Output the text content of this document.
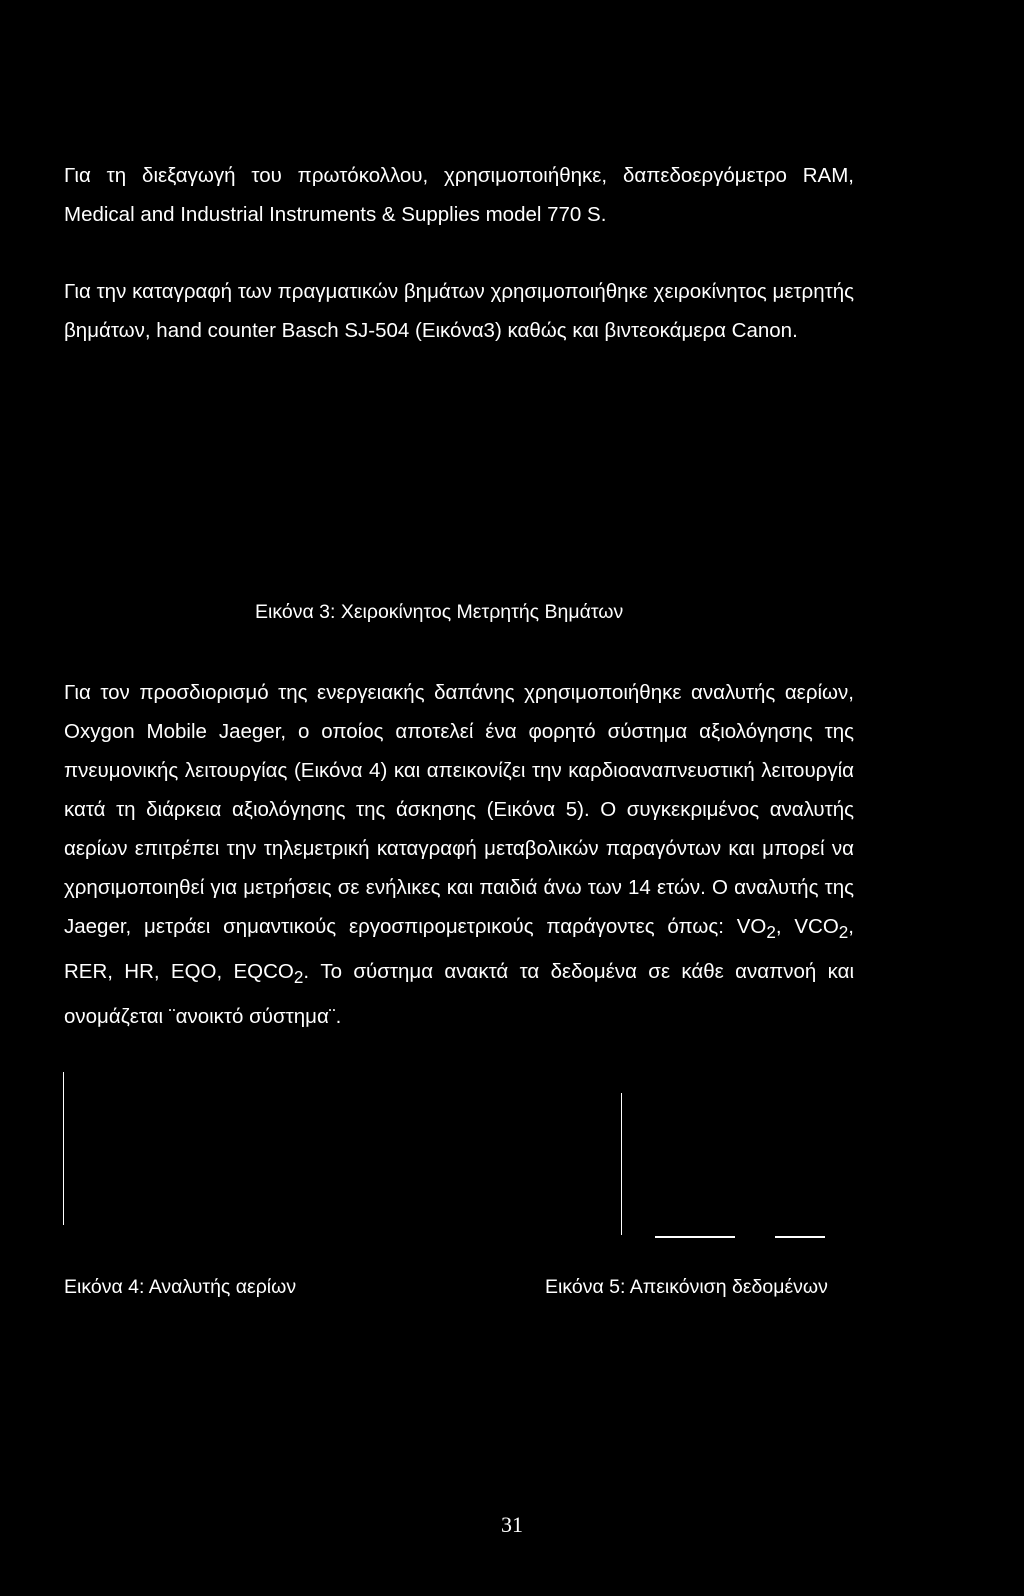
Για τη διεξαγωγή του πρωτόκολλου, χρησιμοποιήθηκε, δαπεδοεργόμετρο RAM, Medical and Industrial Instruments & Supplies model 770 S.

Για την καταγραφή των πραγματικών βημάτων χρησιμοποιήθηκε χειροκίνητος μετρητής βημάτων, hand counter Basch SJ-504 (Εικόνα3) καθώς και βιντεοκάμερα Canon.

Εικόνα 3: Χειροκίνητος Μετρητής Βημάτων

Για τον προσδιορισμό της ενεργειακής δαπάνης χρησιμοποιήθηκε αναλυτής αερίων, Oxygon Mobile Jaeger, ο οποίος αποτελεί ένα φορητό σύστημα αξιολόγησης της πνευμονικής λειτουργίας (Εικόνα 4) και απεικονίζει την καρδιοαναπνευστική λειτουργία κατά τη διάρκεια αξιολόγησης της άσκησης (Εικόνα 5). Ο συγκεκριμένος αναλυτής αερίων επιτρέπει την τηλεμετρική καταγραφή μεταβολικών παραγόντων και μπορεί να χρησιμοποιηθεί για μετρήσεις σε ενήλικες και παιδιά άνω των 14 ετών. Ο αναλυτής της Jaeger, μετράει σημαντικούς εργοσπιρομετρικούς παράγοντες όπως: $VO_2$, $VCO_2$, RER, HR, EQO, $EQCO_2$. Το σύστημα ανακτά τα δεδομένα σε κάθε αναπνοή και ονομάζεται ¨ανοικτό σύστημα¨.

Εικόνα 4: Αναλυτής αερίων	Εικόνα 5: Απεικόνιση δεδομένων
31
